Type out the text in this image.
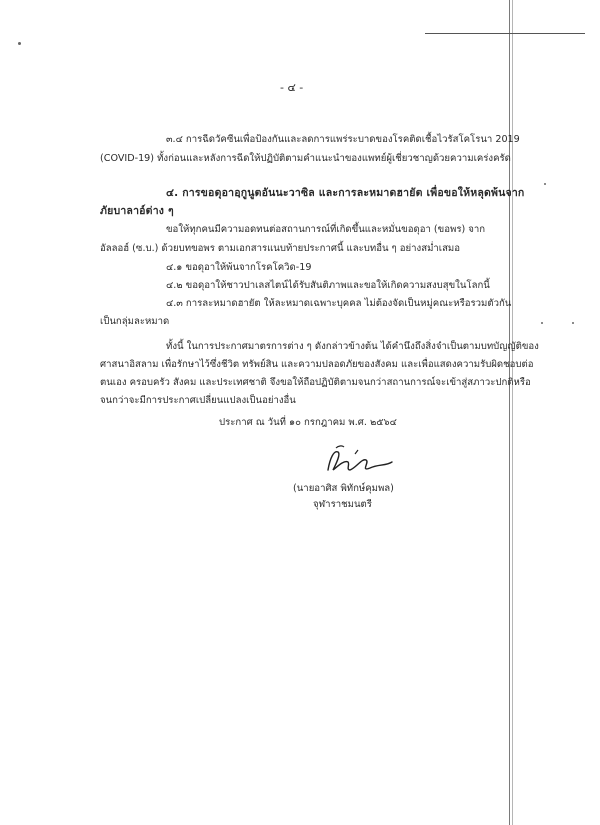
- ๔ -
๓.๔ การฉีดวัคซีนเพื่อป้องกันและลดการแพร่ระบาดของโรคติดเชื้อไวรัสโคโรนา 2019
(COVID-19) ทั้งก่อนและหลังการฉีดให้ปฏิบัติตามคำแนะนำของแพทย์ผู้เชี่ยวชาญด้วยความเคร่งครัด
๔. การขอดุอาอฺกูนูตอันนะวาซิล และการละหมาดฮายัต เพื่อขอให้หลุดพ้นจาก
ภัยบาลาอ์ต่าง ๆ
ขอให้ทุกคนมีความอดทนต่อสถานการณ์ที่เกิดขึ้นและหมั่นขอดุอา (ขอพร) จาก
อัลลอฮ์ (ซ.บ.) ด้วยบทขอพร ตามเอกสารแนบท้ายประกาศนี้ และบทอื่น ๆ อย่างสม่ำเสมอ
๔.๑ ขอดุอาให้พ้นจากโรคโควิด-19
๔.๒ ขอดุอาให้ชาวปาเลสไตน์ได้รับสันติภาพและขอให้เกิดความสงบสุขในโลกนี้
๔.๓ การละหมาดฮายัต ให้ละหมาดเฉพาะบุคคล ไม่ต้องจัดเป็นหมู่คณะหรือรวมตัวกัน
เป็นกลุ่มละหมาด
ทั้งนี้ ในการประกาศมาตรการต่าง ๆ ดังกล่าวข้างต้น ได้คำนึงถึงสิ่งจำเป็นตามบทบัญญัติของ
ศาสนาอิสลาม เพื่อรักษาไว้ซึ่งชีวิต ทรัพย์สิน และความปลอดภัยของสังคม และเพื่อแสดงความรับผิดชอบต่อ
ตนเอง ครอบครัว สังคม และประเทศชาติ จึงขอให้ถือปฏิบัติตามจนกว่าสถานการณ์จะเข้าสู่สภาวะปกติหรือ
จนกว่าจะมีการประกาศเปลี่ยนแปลงเป็นอย่างอื่น
ประกาศ ณ วันที่ ๑๐ กรกฎาคม พ.ศ. ๒๕๖๔
(นายอาศิส พิทักษ์คุมพล)
จุฬาราชมนตรี
